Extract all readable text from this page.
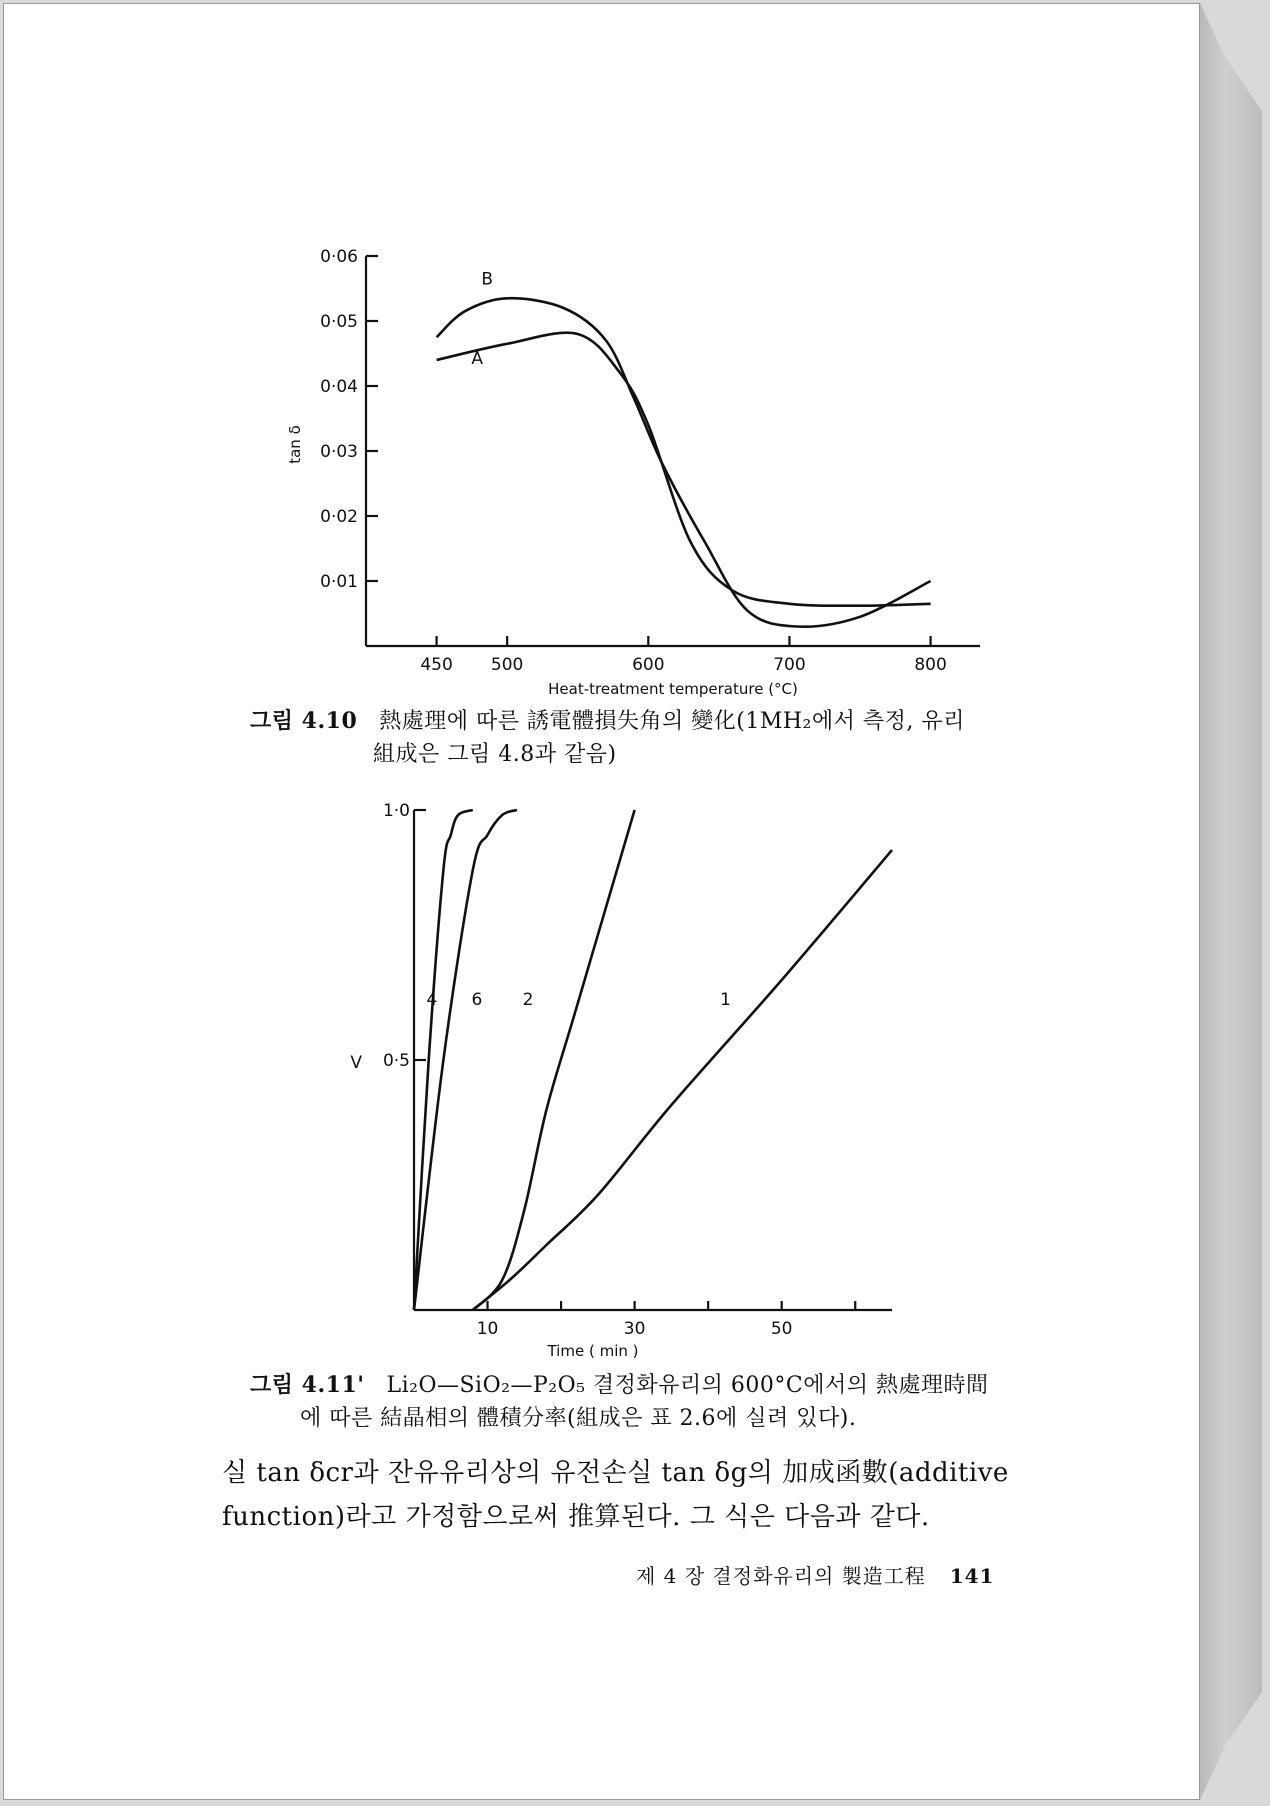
450 500	600	700	800
0·01
0·02
0·03
0·04
0·05
0·06
Heat-treatment temperature (°C)
tan δ
A
B
그림 4.10 熱處理에 따른 誘電體損失角의 變化(1MH₂에서 측정, 유리
組成은 그림 4.8과 같음)
10	30	50
0·5
1·0
Time ( min )
V
4 6 2	1
그림 4.11' Li₂O—SiO₂—P₂O₅ 결정화유리의 600°C에서의 熱處理時間
에 따른 結晶相의 體積分率(組成은 표 2.6에 실려 있다).
실 tan δcr과 잔유유리상의 유전손실 tan δg의 加成函數(additive
function)라고 가정함으로써 推算된다. 그 식은 다음과 같다.
제 4 장 결정화유리의 製造工程 141
